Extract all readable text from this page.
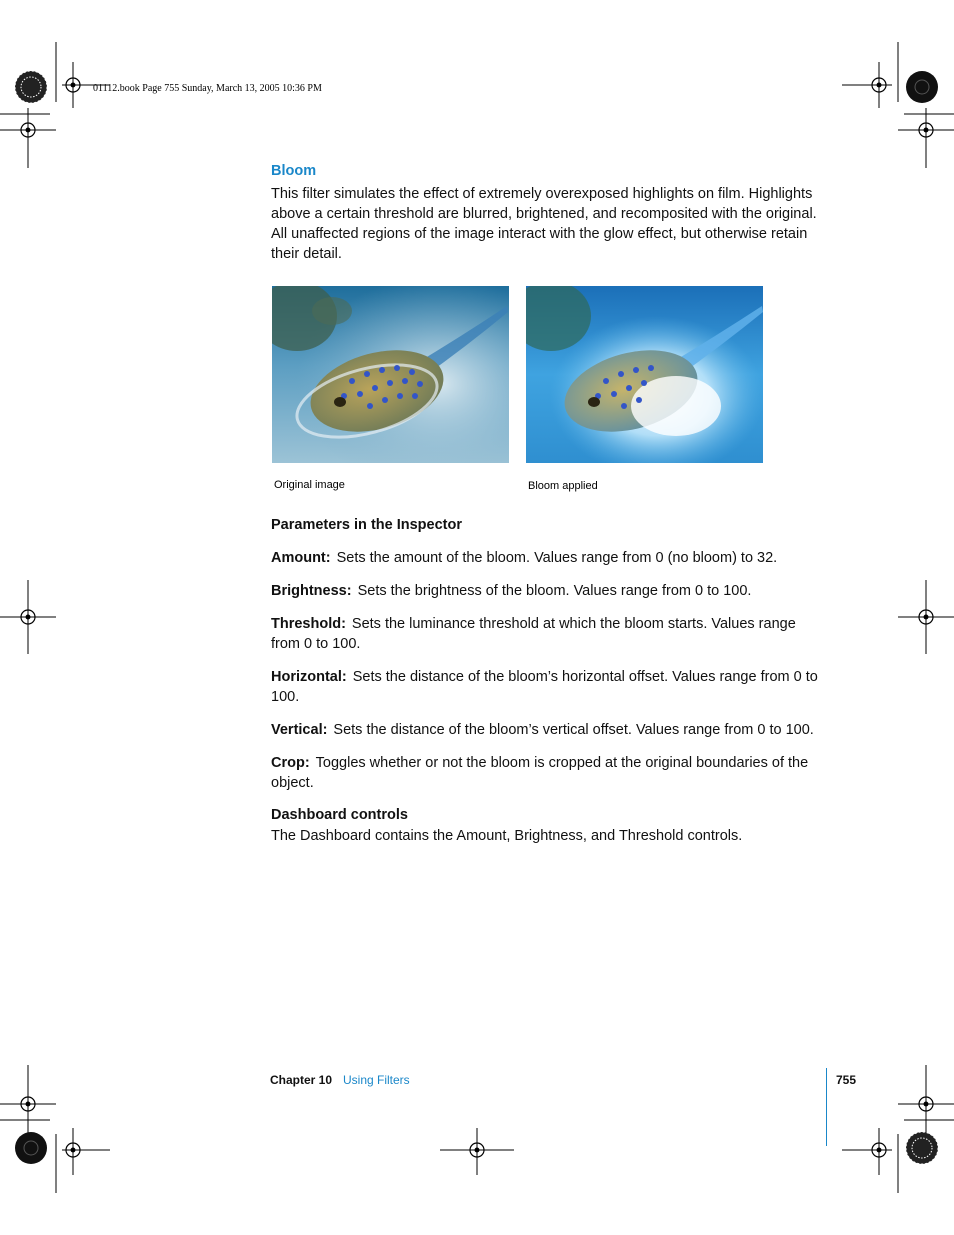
01112.book Page 755 Sunday, March 13, 2005 10:36 PM
Bloom
This filter simulates the effect of extremely overexposed highlights on film. Highlights above a certain threshold are blurred, brightened, and recomposited with the original. All unaffected regions of the image interact with the glow effect, but otherwise retain their detail.
Original image	Bloom applied
Parameters in the Inspector
Amount: Sets the amount of the bloom. Values range from 0 (no bloom) to 32.
Brightness: Sets the brightness of the bloom. Values range from 0 to 100.
Threshold: Sets the luminance threshold at which the bloom starts. Values range from 0 to 100.
Horizontal: Sets the distance of the bloom’s horizontal offset. Values range from 0 to 100.
Vertical: Sets the distance of the bloom’s vertical offset. Values range from 0 to 100.
Crop: Toggles whether or not the bloom is cropped at the original boundaries of the object.
Dashboard controls
The Dashboard contains the Amount, Brightness, and Threshold controls.
Chapter 10 Using Filters	755
